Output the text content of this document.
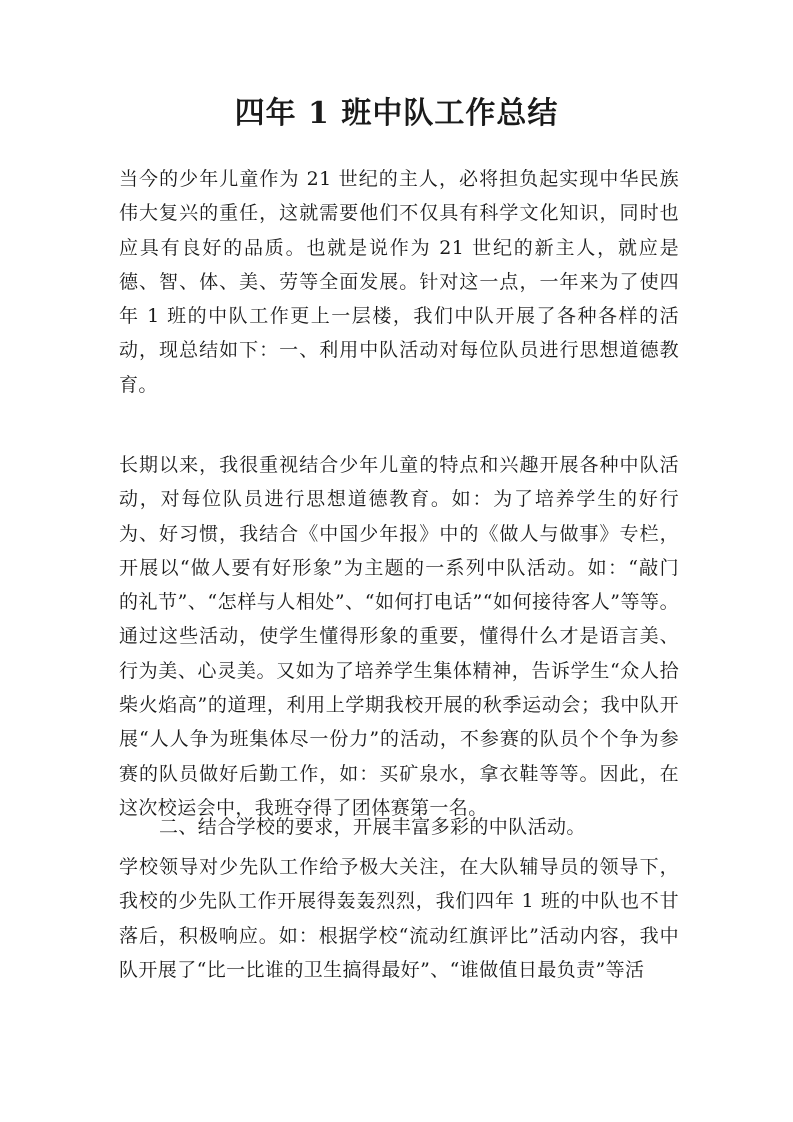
四年 1 班中队工作总结

当今的少年儿童作为 21 世纪的主人，必将担负起实现中华民族伟大复兴的重任，这就需要他们不仅具有科学文化知识，同时也应具有良好的品质。也就是说作为 21 世纪的新主人，就应是德、智、体、美、劳等全面发展。针对这一点，一年来为了使四年 1 班的中队工作更上一层楼，我们中队开展了各种各样的活动，现总结如下：一、利用中队活动对每位队员进行思想道德教育。

长期以来，我很重视结合少年儿童的特点和兴趣开展各种中队活动，对每位队员进行思想道德教育。如：为了培养学生的好行为、好习惯，我结合《中国少年报》中的《做人与做事》专栏，开展以“做人要有好形象”为主题的一系列中队活动。如：“敲门 的礼节”、“怎样与人相处”、“如何打电话”“如何接待客人”等等。通过这些活动，使学生懂得形象的重要，懂得什么才是语言美、行为美、心灵美。又如为了培养学生集体精神，告诉学生“众人拾柴火焰高”的道理，利用上学期我校开展的秋季运动会；我中队开展“人人争为班集体尽一份力”的活动，不参赛的队员个个争为参赛的队员做好后勤工作，如：买矿泉水，拿衣鞋等等。因此，在这次校运会中，我班夺得了团体赛第一名。

二、结合学校的要求，开展丰富多彩的中队活动。

学校领导对少先队工作给予极大关注，在大队辅导员的领导下，我校的少先队工作开展得轰轰烈烈，我们四年 1 班的中队也不甘落后，积极响应。如：根据学校“流动红旗评比”活动内容，我中队开展了“比一比谁的卫生搞得最好”、“谁做值日最负责”等活
